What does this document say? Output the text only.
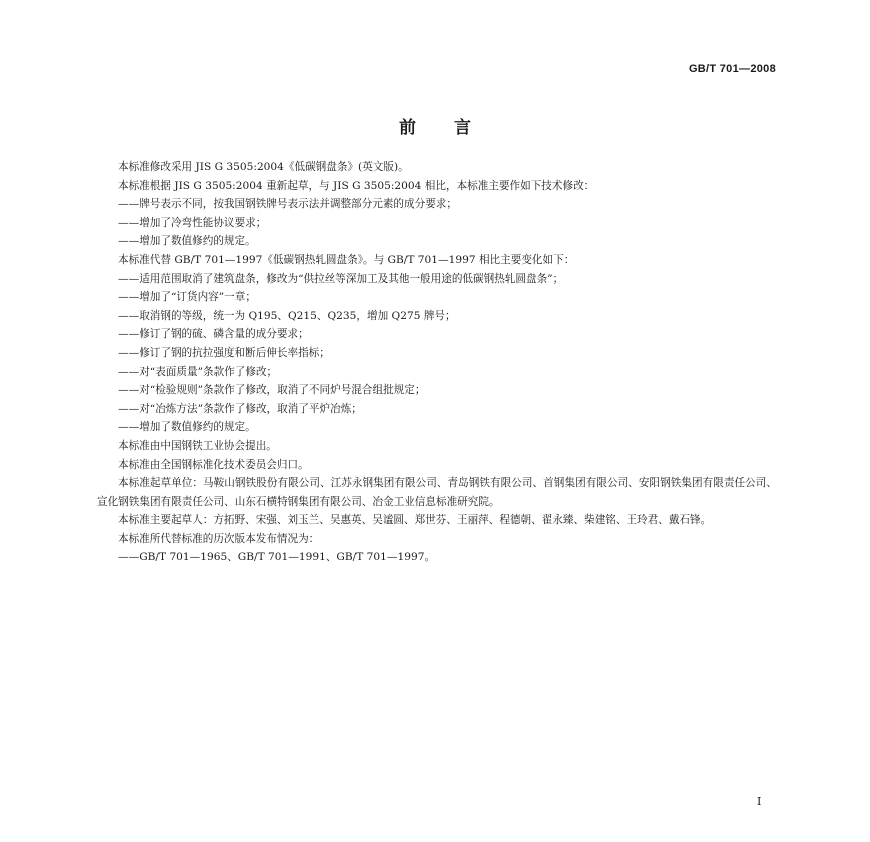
GB/T 701—2008
前言

本标准修改采用 JIS G 3505:2004《低碳钢盘条》(英文版)。

本标准根据 JIS G 3505:2004 重新起草，与 JIS G 3505:2004 相比，本标准主要作如下技术修改：

——牌号表示不同，按我国钢铁牌号表示法并调整部分元素的成分要求；

——增加了冷弯性能协议要求；

——增加了数值修约的规定。

本标准代替 GB/T 701—1997《低碳钢热轧圆盘条》。与 GB/T 701—1997 相比主要变化如下：

——适用范围取消了建筑盘条，修改为“供拉丝等深加工及其他一般用途的低碳钢热轧圆盘条”；

——增加了“订货内容”一章；

——取消钢的等级，统一为 Q195、Q215、Q235，增加 Q275 牌号；

——修订了钢的硫、磷含量的成分要求；

——修订了钢的抗拉强度和断后伸长率指标；

——对“表面质量”条款作了修改；

——对“检验规则”条款作了修改，取消了不同炉号混合组批规定；

——对“冶炼方法”条款作了修改，取消了平炉冶炼；

——增加了数值修约的规定。

本标准由中国钢铁工业协会提出。

本标准由全国钢标准化技术委员会归口。

本标准起草单位：马鞍山钢铁股份有限公司、江苏永钢集团有限公司、青岛钢铁有限公司、首钢集团有限公司、安阳钢铁集团有限责任公司、宣化钢铁集团有限责任公司、山东石横特钢集团有限公司、冶金工业信息标准研究院。

本标准主要起草人：方拓野、宋强、刘玉兰、吴惠英、吴谧圆、郑世芬、王丽萍、程德朝、翟永臻、柴建铭、王玲君、戴石锋。

本标准所代替标准的历次版本发布情况为：

——GB/T 701—1965、GB/T 701—1991、GB/T 701—1997。

I
